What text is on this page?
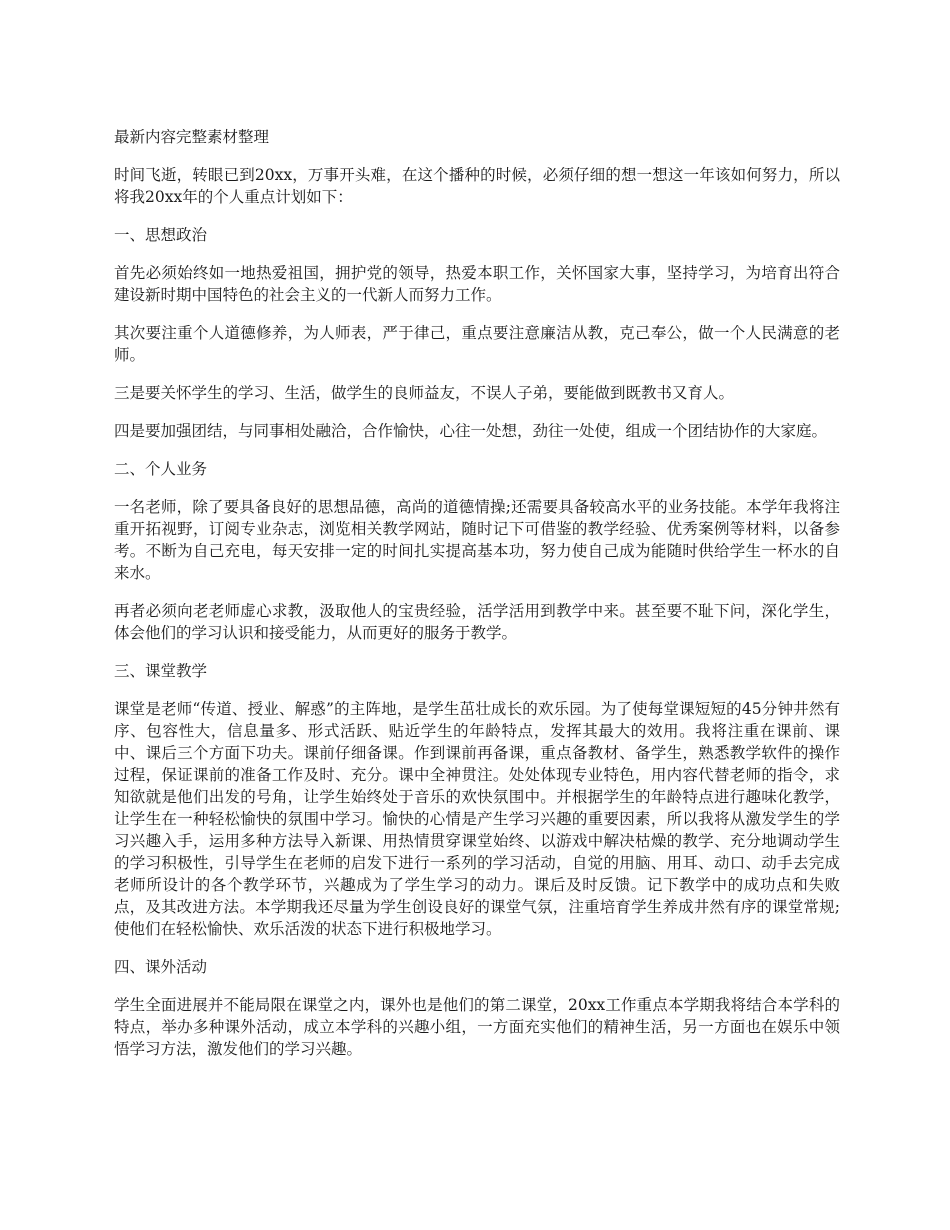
最新内容完整素材整理
时间飞逝，转眼已到20xx，万事开头难，在这个播种的时候，必须仔细的想一想这一年该如何努力，所以将我20xx年的个人重点计划如下：
一、思想政治
首先必须始终如一地热爱祖国，拥护党的领导，热爱本职工作，关怀国家大事，坚持学习，为培育出符合建设新时期中国特色的社会主义的一代新人而努力工作。
其次要注重个人道德修养，为人师表，严于律己，重点要注意廉洁从教，克己奉公，做一个人民满意的老师。
三是要关怀学生的学习、生活，做学生的良师益友，不误人子弟，要能做到既教书又育人。
四是要加强团结，与同事相处融洽，合作愉快，心往一处想，劲往一处使，组成一个团结协作的大家庭。
二、个人业务
一名老师，除了要具备良好的思想品德，高尚的道德情操;还需要具备较高水平的业务技能。本学年我将注重开拓视野，订阅专业杂志，浏览相关教学网站，随时记下可借鉴的教学经验、优秀案例等材料，以备参考。不断为自己充电，每天安排一定的时间扎实提高基本功，努力使自己成为能随时供给学生一杯水的自来水。
再者必须向老老师虚心求教，汲取他人的宝贵经验，活学活用到教学中来。甚至要不耻下问，深化学生，体会他们的学习认识和接受能力，从而更好的服务于教学。
三、课堂教学
课堂是老师“传道、授业、解惑”的主阵地，是学生茁壮成长的欢乐园。为了使每堂课短短的45分钟井然有序、包容性大，信息量多、形式活跃、贴近学生的年龄特点，发挥其最大的效用。我将注重在课前、课中、课后三个方面下功夫。课前仔细备课。作到课前再备课，重点备教材、备学生，熟悉教学软件的操作过程，保证课前的准备工作及时、充分。课中全神贯注。处处体现专业特色，用内容代替老师的指令，求知欲就是他们出发的号角，让学生始终处于音乐的欢快氛围中。并根据学生的年龄特点进行趣味化教学，让学生在一种轻松愉快的氛围中学习。愉快的心情是产生学习兴趣的重要因素，所以我将从激发学生的学习兴趣入手，运用多种方法导入新课、用热情贯穿课堂始终、以游戏中解决枯燥的教学、充分地调动学生的学习积极性，引导学生在老师的启发下进行一系列的学习活动，自觉的用脑、用耳、动口、动手去完成老师所设计的各个教学环节，兴趣成为了学生学习的动力。课后及时反馈。记下教学中的成功点和失败点，及其改进方法。本学期我还尽量为学生创设良好的课堂气氛，注重培育学生养成井然有序的课堂常规;使他们在轻松愉快、欢乐活泼的状态下进行积极地学习。
四、课外活动
学生全面进展并不能局限在课堂之内，课外也是他们的第二课堂，20xx工作重点本学期我将结合本学科的特点，举办多种课外活动，成立本学科的兴趣小组，一方面充实他们的精神生活，另一方面也在娱乐中领悟学习方法，激发他们的学习兴趣。
